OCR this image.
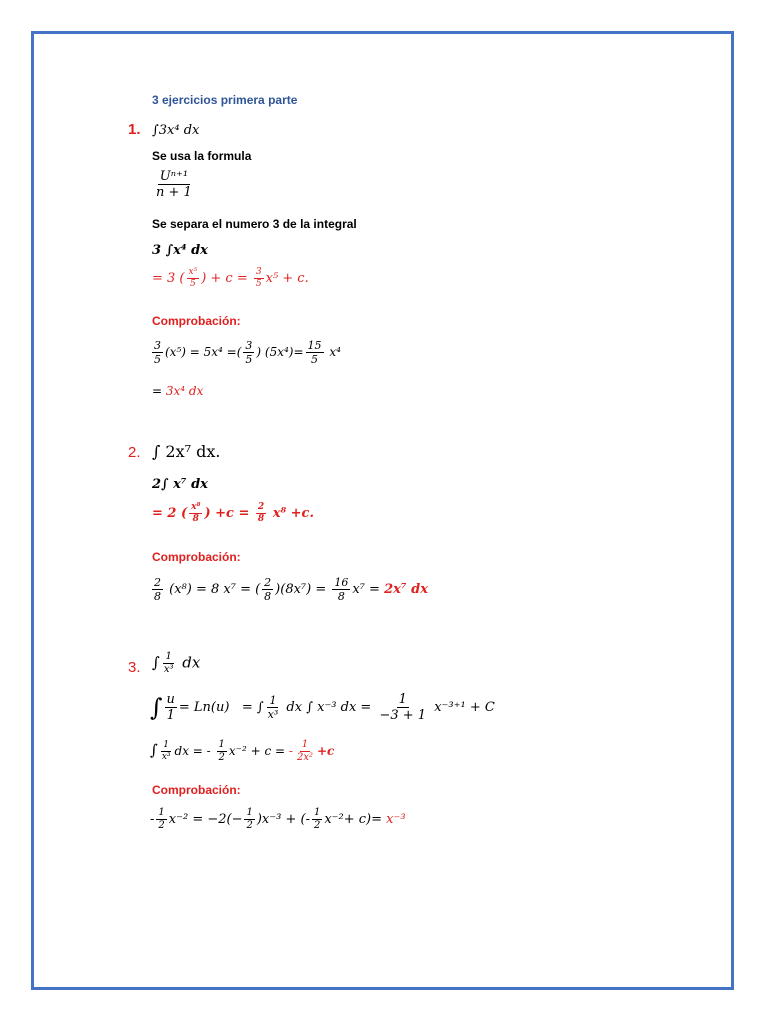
3 ejercicios primera parte
1. ∫3x⁴ dx
Se usa la formula
$\frac{\text{Uⁿ⁺¹}}{n + 1}$
Se separa el numero 3 de la integral
3 ∫x⁴ dx
= 3 ( $\frac{\text{x⁵}}{5}$ ) + $c = \frac{3}{5} x^5 + c$.
Comprobación:
$\frac{3}{5} (x^5) = 5x^4$ =( $\frac{3}{5}$ ) $(5x^4)= \frac{15}{5} x^4$
= 3x⁴ dx
2. ∫ 2x⁷ dx.
2∫ x⁷ dx
= 2 ( $\frac{\text{x⁸}}{8}$ ) $+c = \frac{2}{8} x^8 +c$.
Comprobación:
$\frac{2}{8} (x^8) = 8$ x⁷ = ( $\frac{2}{8} )(8x^7) = \frac{16}{8} x^7 = 2x^7$ dx
3. ∫ $\frac{1}{\text{x³}}$ dx
∫ $\frac{u}{1} = Ln(u)$ = ∫ $\frac{1}{\text{x³}}$ dx ∫ x⁻³ dx = $\frac{1}{-3 + 1} x^{-3+1} + C$
∫ $\frac{1}{\text{x³}}$ dx = - $\frac{1}{2} x^{-2} + c$ = - $\frac{1}{\text{2x²}} +c$
Comprobación:
- $\frac{1}{2} x^{-2} = -2(- \frac{1}{2} )x^{-3}$ + (- $\frac{1}{2} x^{-2}+ c)= x^{-3}$
